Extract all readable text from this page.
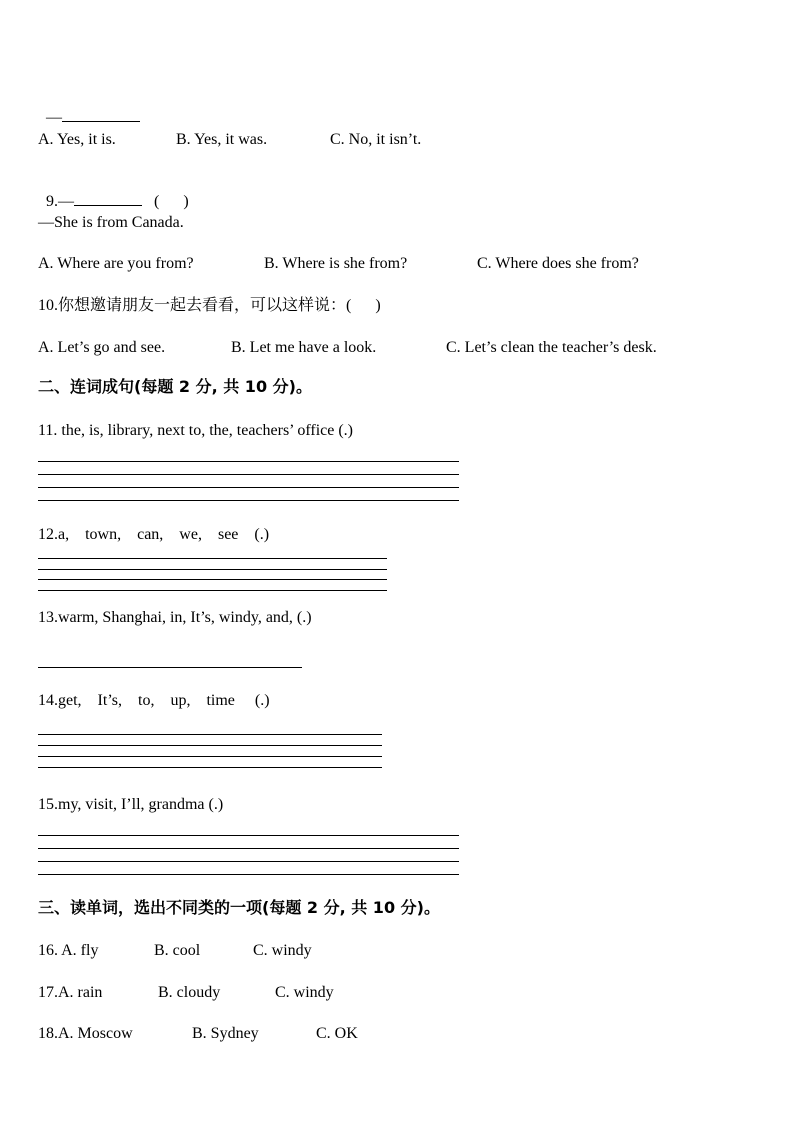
—

A. Yes, it is.	B. Yes, it was.	C. No, it isn’t.

9.—	(      )

—She is from Canada.
A. Where are you from?	B. Where is she from?	C. Where does she from?
10.你想邀请朋友一起去看看，可以这样说：(      )
A. Let’s go and see.	B. Let me have a look.	C. Let’s clean the teacher’s desk.
二、连词成句(每题 2 分, 共 10 分)。
11. the, is, library, next to, the, teachers’ office (.)
12.a,    town,    can,    we,    see    (.)
13.warm, Shanghai, in, It’s, windy, and, (.)
14.get,    It’s,    to,    up,    time     (.)
15.my, visit, I’ll, grandma (.)
三、读单词，选出不同类的一项(每题 2 分, 共 10 分)。
16. A. fly	B. cool	C. windy
17.A. rain	B. cloudy	C. windy
18.A. Moscow	B. Sydney	C. OK
